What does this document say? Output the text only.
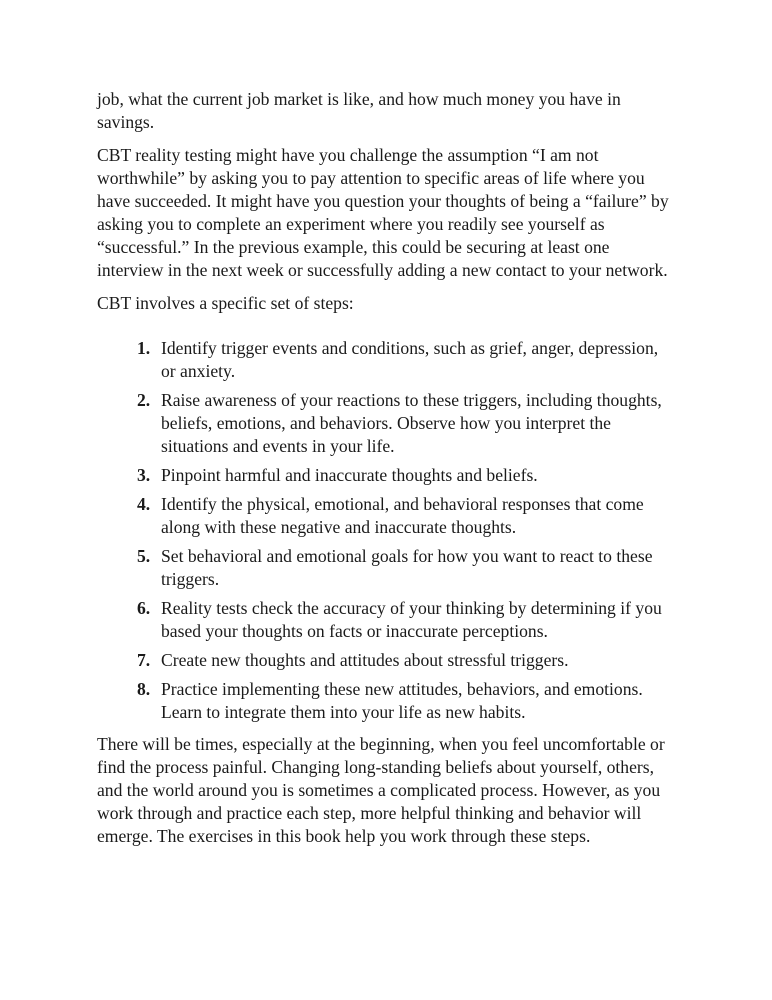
job, what the current job market is like, and how much money you have in savings.

CBT reality testing might have you challenge the assumption “I am not worthwhile” by asking you to pay attention to specific areas of life where you have succeeded. It might have you question your thoughts of being a “failure” by asking you to complete an experiment where you readily see yourself as “successful.” In the previous example, this could be securing at least one interview in the next week or successfully adding a new contact to your network.

CBT involves a specific set of steps:

1. Identify trigger events and conditions, such as grief, anger, depression, or anxiety.
2. Raise awareness of your reactions to these triggers, including thoughts, beliefs, emotions, and behaviors. Observe how you interpret the situations and events in your life.
3. Pinpoint harmful and inaccurate thoughts and beliefs.
4. Identify the physical, emotional, and behavioral responses that come along with these negative and inaccurate thoughts.
5. Set behavioral and emotional goals for how you want to react to these triggers.
6. Reality tests check the accuracy of your thinking by determining if you based your thoughts on facts or inaccurate perceptions.
7. Create new thoughts and attitudes about stressful triggers.
8. Practice implementing these new attitudes, behaviors, and emotions. Learn to integrate them into your life as new habits.

There will be times, especially at the beginning, when you feel uncomfortable or find the process painful. Changing long-standing beliefs about yourself, others, and the world around you is sometimes a complicated process. However, as you work through and practice each step, more helpful thinking and behavior will emerge. The exercises in this book help you work through these steps.
